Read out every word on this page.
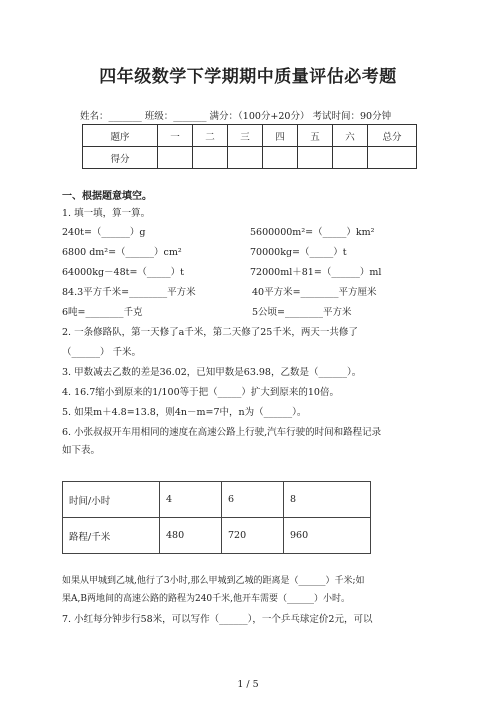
四年级数学下学期期中质量评估必考题
姓名：_______ 班级：_______ 满分：（100分+20分） 考试时间：90分钟
题序	一	二	三	四	五	六	总分
得分							
一、根据题意填空。
1. 填一填，算一算。
240t=（______）g	5600000m²=（_____）km²
6800 dm²=（______）cm²	70000kg=（_____）t
64000kg－48t=（_____）t	72000ml＋81=（______）ml
84.3平方千米=________平方米	40平方米=________平方厘米
6吨=________千克	5公顷=________平方米
2. 一条修路队，第一天修了a千米，第二天修了25千米，两天一共修了
（______） 千米。
3. 甲数减去乙数的差是36.02，已知甲数是63.98，乙数是（______）。
4. 16.7缩小到原来的1/100等于把（_____）扩大到原来的10倍。
5. 如果m＋4.8=13.8，则4n－m=7中，n为（______）。
6. 小张叔叔开车用相同的速度在高速公路上行驶,汽车行驶的时间和路程记录
如下表。
时间/小时	4	6	8
路程/千米	480	720	960
如果从甲城到乙城,他行了3小时,那么甲城到乙城的距离是（______）千米;如
果A,B两地间的高速公路的路程为240千米,他开车需要（______）小时。
7. 小红每分钟步行58米，可以写作（______），一个乒乓球定价2元，可以
1 / 5
